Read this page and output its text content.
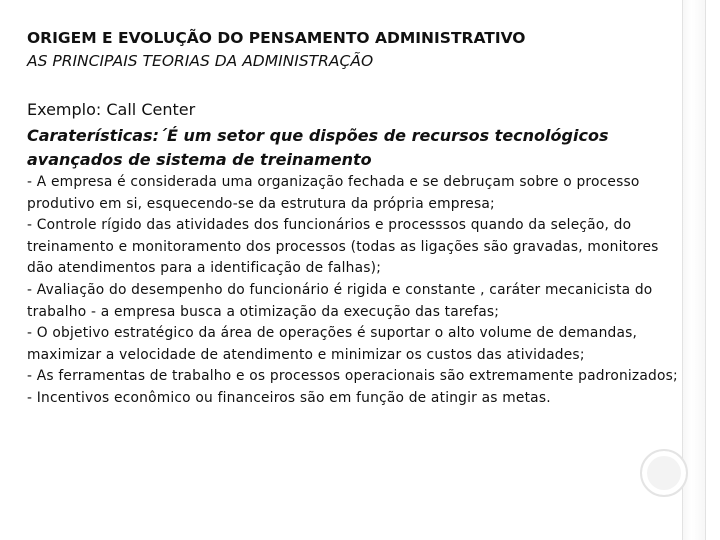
ORIGEM E EVOLUÇÃO DO PENSAMENTO ADMINISTRATIVO
AS PRINCIPAIS TEORIAS DA ADMINISTRAÇÃO
Exemplo: Call Center
Caraterísticas:´É um setor que dispões de recursos tecnológicos avançados de sistema de treinamento

- A empresa é considerada uma organização fechada e se debruçam sobre o processo produtivo em si, esquecendo-se da estrutura da própria empresa;

- Controle rígido das atividades dos funcionários e processsos quando da seleção, do treinamento e monitoramento dos processos (todas as ligações são gravadas, monitores dão atendimentos para a identificação de falhas);

- Avaliação do desempenho do funcionário é rigida e constante , caráter mecanicista do trabalho - a empresa busca a otimização da execução das tarefas;

- O objetivo estratégico da área de operações é suportar o alto volume de demandas, maximizar a velocidade de atendimento e minimizar os custos das atividades;

- As ferramentas de trabalho e os processos operacionais são extremamente padronizados;

- Incentivos econômico ou financeiros são em função de atingir as metas.
